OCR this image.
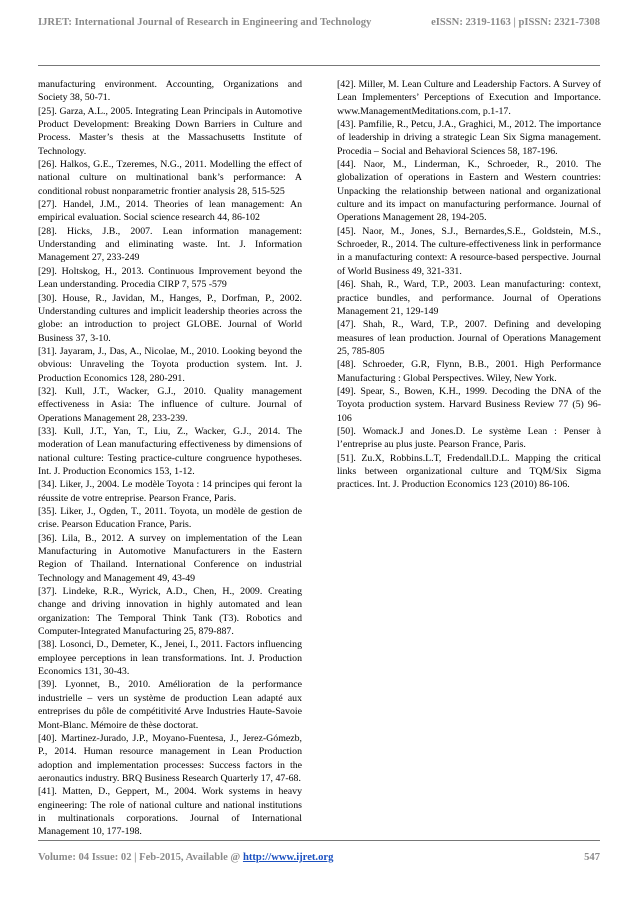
IJRET: International Journal of Research in Engineering and Technology	eISSN: 2319-1163 | pISSN: 2321-7308

manufacturing environment. Accounting, Organizations and Society 38, 50-71.

[25]. Garza, A.L., 2005. Integrating Lean Principals in Automotive Product Development: Breaking Down Barriers in Culture and Process. Master’s thesis at the Massachusetts Institute of Technology.

[26]. Halkos, G.E., Tzeremes, N.G., 2011. Modelling the effect of national culture on multinational bank’s performance: A conditional robust nonparametric frontier analysis 28, 515-525

[27]. Handel, J.M., 2014. Theories of lean management: An empirical evaluation. Social science research 44, 86-102

[28]. Hicks, J.B., 2007. Lean information management: Understanding and eliminating waste. Int. J. Information Management 27, 233-249

[29]. Holtskog, H., 2013. Continuous Improvement beyond the Lean understanding. Procedia CIRP 7, 575 -579

[30]. House, R., Javidan, M., Hanges, P., Dorfman, P., 2002. Understanding cultures and implicit leadership theories across the globe: an introduction to project GLOBE. Journal of World Business 37, 3-10.

[31]. Jayaram, J., Das, A., Nicolae, M., 2010. Looking beyond the obvious: Unraveling the Toyota production system. Int. J. Production Economics 128, 280-291.

[32]. Kull, J.T., Wacker, G.J., 2010. Quality management effectiveness in Asia: The influence of culture. Journal of Operations Management 28, 233-239.

[33]. Kull, J.T., Yan, T., Liu, Z., Wacker, G.J., 2014. The moderation of Lean manufacturing effectiveness by dimensions of national culture: Testing practice-culture congruence hypotheses. Int. J. Production Economics 153, 1-12.

[34]. Liker, J., 2004. Le modèle Toyota : 14 principes qui feront la réussite de votre entreprise. Pearson France, Paris.

[35]. Liker, J., Ogden, T., 2011. Toyota, un modèle de gestion de crise. Pearson Education France, Paris.

[36]. Lila, B., 2012. A survey on implementation of the Lean Manufacturing in Automotive Manufacturers in the Eastern Region of Thailand. International Conference on industrial Technology and Management 49, 43-49

[37]. Lindeke, R.R., Wyrick, A.D., Chen, H., 2009. Creating change and driving innovation in highly automated and lean organization: The Temporal Think Tank (T3). Robotics and Computer-Integrated Manufacturing 25, 879-887.

[38]. Losonci, D., Demeter, K., Jenei, I., 2011. Factors influencing employee perceptions in lean transformations. Int. J. Production Economics 131, 30-43.

[39]. Lyonnet, B., 2010. Amélioration de la performance industrielle – vers un système de production Lean adapté aux entreprises du pôle de compétitivité Arve Industries Haute-Savoie Mont-Blanc. Mémoire de thèse doctorat.

[40]. Martinez-Jurado, J.P., Moyano-Fuentesa, J., Jerez-Gómezb, P., 2014. Human resource management in Lean Production adoption and implementation processes: Success factors in the aeronautics industry. BRQ Business Research Quarterly 17, 47-68.

[41]. Matten, D., Geppert, M., 2004. Work systems in heavy engineering: The role of national culture and national institutions in multinationals corporations. Journal of International Management 10, 177-198.

[42]. Miller, M. Lean Culture and Leadership Factors. A Survey of Lean Implementers’ Perceptions of Execution and Importance. www.ManagementMeditations.com, p.1-17.

[43]. Pamfilie, R., Petcu, J.A., Graghici, M., 2012. The importance of leadership in driving a strategic Lean Six Sigma management. Procedia – Social and Behavioral Sciences 58, 187-196.

[44]. Naor, M., Linderman, K., Schroeder, R., 2010. The globalization of operations in Eastern and Western countries: Unpacking the relationship between national and organizational culture and its impact on manufacturing performance. Journal of Operations Management 28, 194-205.

[45]. Naor, M., Jones, S.J., Bernardes,S.E., Goldstein, M.S., Schroeder, R., 2014. The culture-effectiveness link in performance in a manufacturing context: A resource-based perspective. Journal of World Business 49, 321-331.

[46]. Shah, R., Ward, T.P., 2003. Lean manufacturing: context, practice bundles, and performance. Journal of Operations Management 21, 129-149

[47]. Shah, R., Ward, T.P., 2007. Defining and developing measures of lean production. Journal of Operations Management 25, 785-805

[48]. Schroeder, G.R, Flynn, B.B., 2001. High Performance Manufacturing : Global Perspectives. Wiley, New York.

[49]. Spear, S., Bowen, K.H., 1999. Decoding the DNA of the Toyota production system. Harvard Business Review 77 (5) 96-106

[50]. Womack.J and Jones.D. Le système Lean : Penser à l’entreprise au plus juste. Pearson France, Paris.

[51]. Zu.X, Robbins.L.T, Fredendall.D.L. Mapping the critical links between organizational culture and TQM/Six Sigma practices. Int. J. Production Economics 123 (2010) 86-106.

Volume: 04 Issue: 02 | Feb-2015, Available @ http://www.ijret.org	547
